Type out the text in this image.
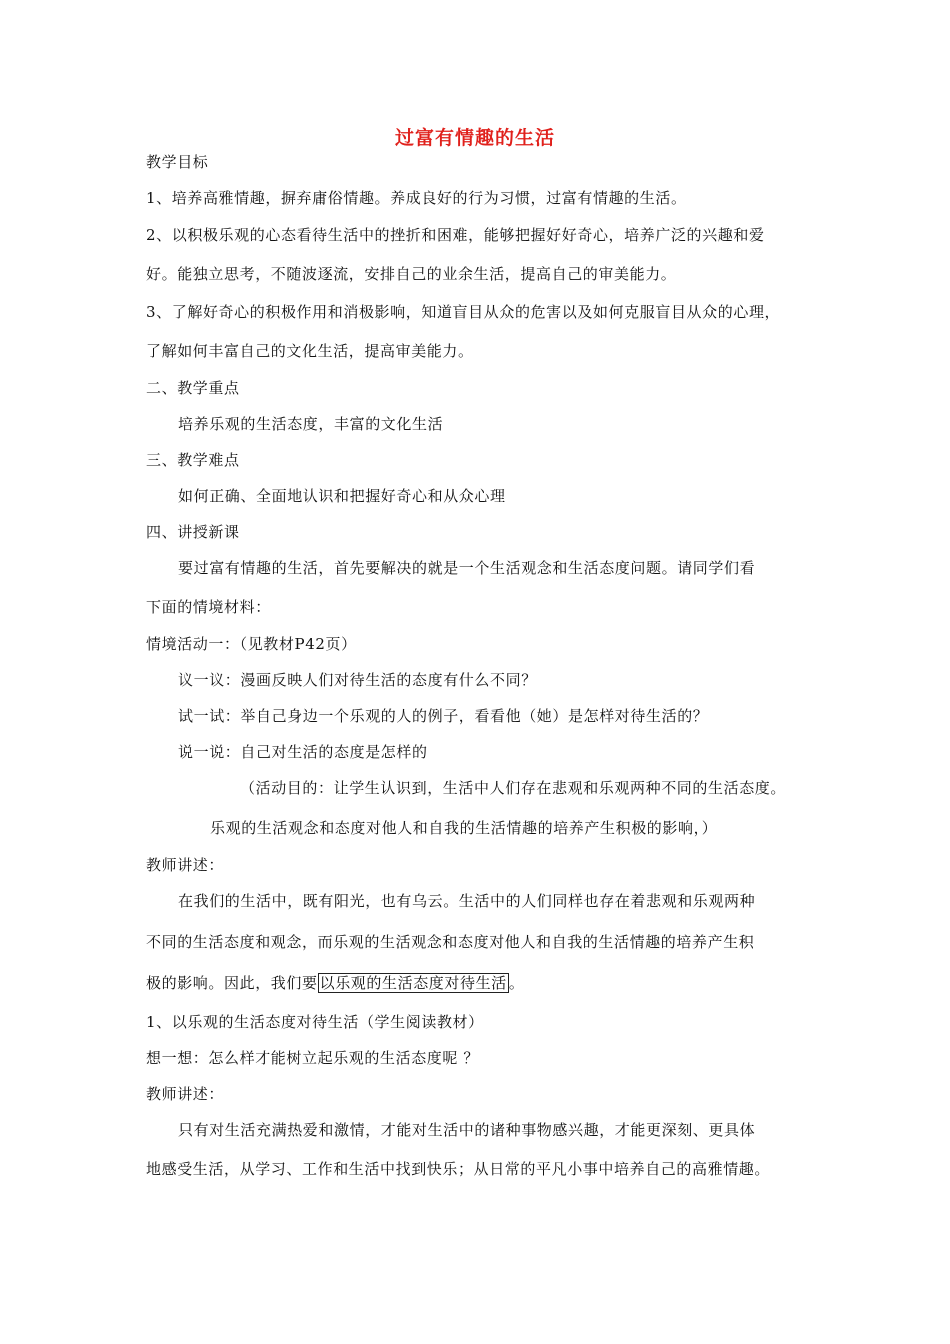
过富有情趣的生活
教学目标
1、培养高雅情趣，摒弃庸俗情趣。养成良好的行为习惯，过富有情趣的生活。
2、以积极乐观的心态看待生活中的挫折和困难，能够把握好好奇心，培养广泛的兴趣和爱
好。能独立思考，不随波逐流，安排自己的业余生活，提高自己的审美能力。
3、了解好奇心的积极作用和消极影响，知道盲目从众的危害以及如何克服盲目从众的心理，
了解如何丰富自己的文化生活，提高审美能力。
二、教学重点
培养乐观的生活态度，丰富的文化生活
三、教学难点
如何正确、全面地认识和把握好奇心和从众心理
四、讲授新课
要过富有情趣的生活，首先要解决的就是一个生活观念和生活态度问题。请同学们看
下面的情境材料：
情境活动一：（见教材P42页）
议一议：漫画反映人们对待生活的态度有什么不同？
试一试：举自己身边一个乐观的人的例子，看看他（她）是怎样对待生活的？
说一说：自己对生活的态度是怎样的
（活动目的：让学生认识到，生活中人们存在悲观和乐观两种不同的生活态度。
乐观的生活观念和态度对他人和自我的生活情趣的培养产生积极的影响，）
教师讲述：
在我们的生活中，既有阳光，也有乌云。生活中的人们同样也存在着悲观和乐观两种
不同的生活态度和观念，而乐观的生活观念和态度对他人和自我的生活情趣的培养产生积
极的影响。因此，我们要 以乐观的生活态度对待生活 。
1、以乐观的生活态度对待生活（学生阅读教材）
想一想：怎么样才能树立起乐观的生活态度呢 ？
教师讲述：
只有对生活充满热爱和激情，才能对生活中的诸种事物感兴趣，才能更深刻、更具体
地感受生活，从学习、工作和生活中找到快乐；从日常的平凡小事中培养自己的高雅情趣。
